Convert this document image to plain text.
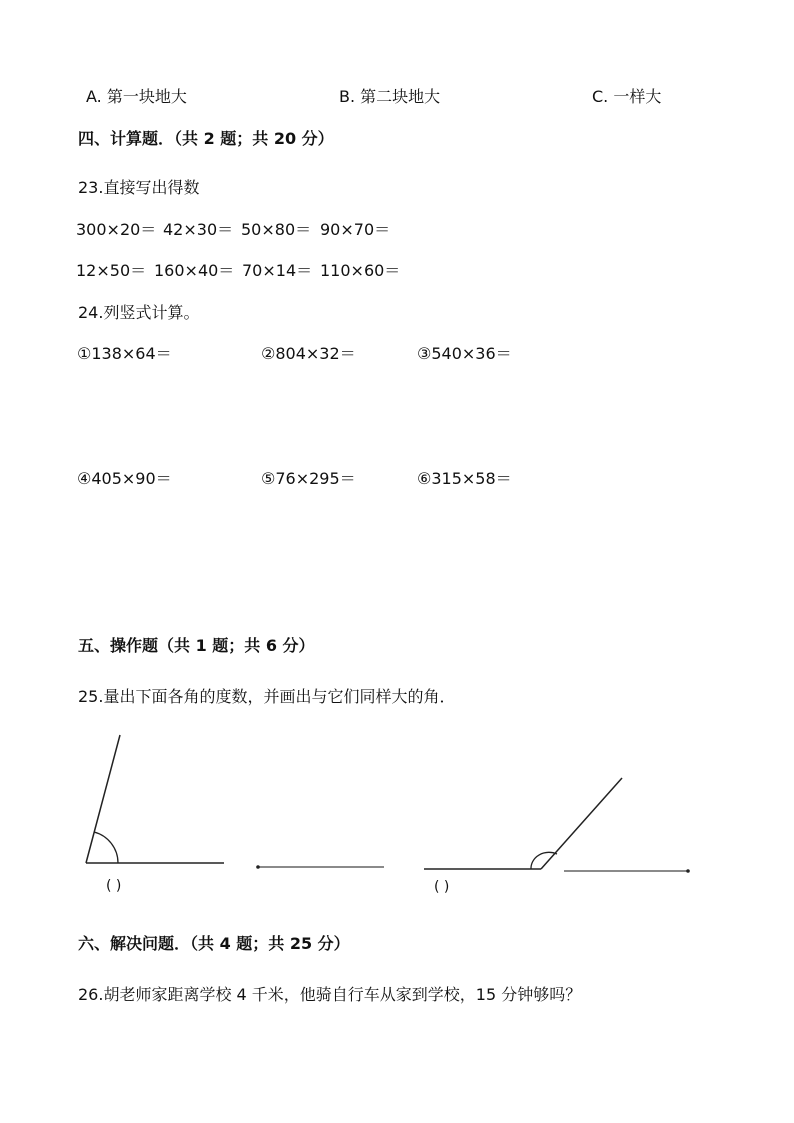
A. 第一块地大	B. 第二块地大	C. 一样大
四、计算题．（共 2 题；共 20 分）
23.直接写出得数
300×20＝ 42×30＝ 50×80＝ 90×70＝
12×50＝ 160×40＝ 70×14＝ 110×60＝
24.列竖式计算。
①138×64＝	②804×32＝	③540×36＝
④405×90＝	⑤76×295＝	⑥315×58＝
五、操作题（共 1 题；共 6 分）
25.量出下面各角的度数，并画出与它们同样大的角．
( )	( )
六、解决问题．（共 4 题；共 25 分）
26.胡老师家距离学校 4 千米，他骑自行车从家到学校，15 分钟够吗？
